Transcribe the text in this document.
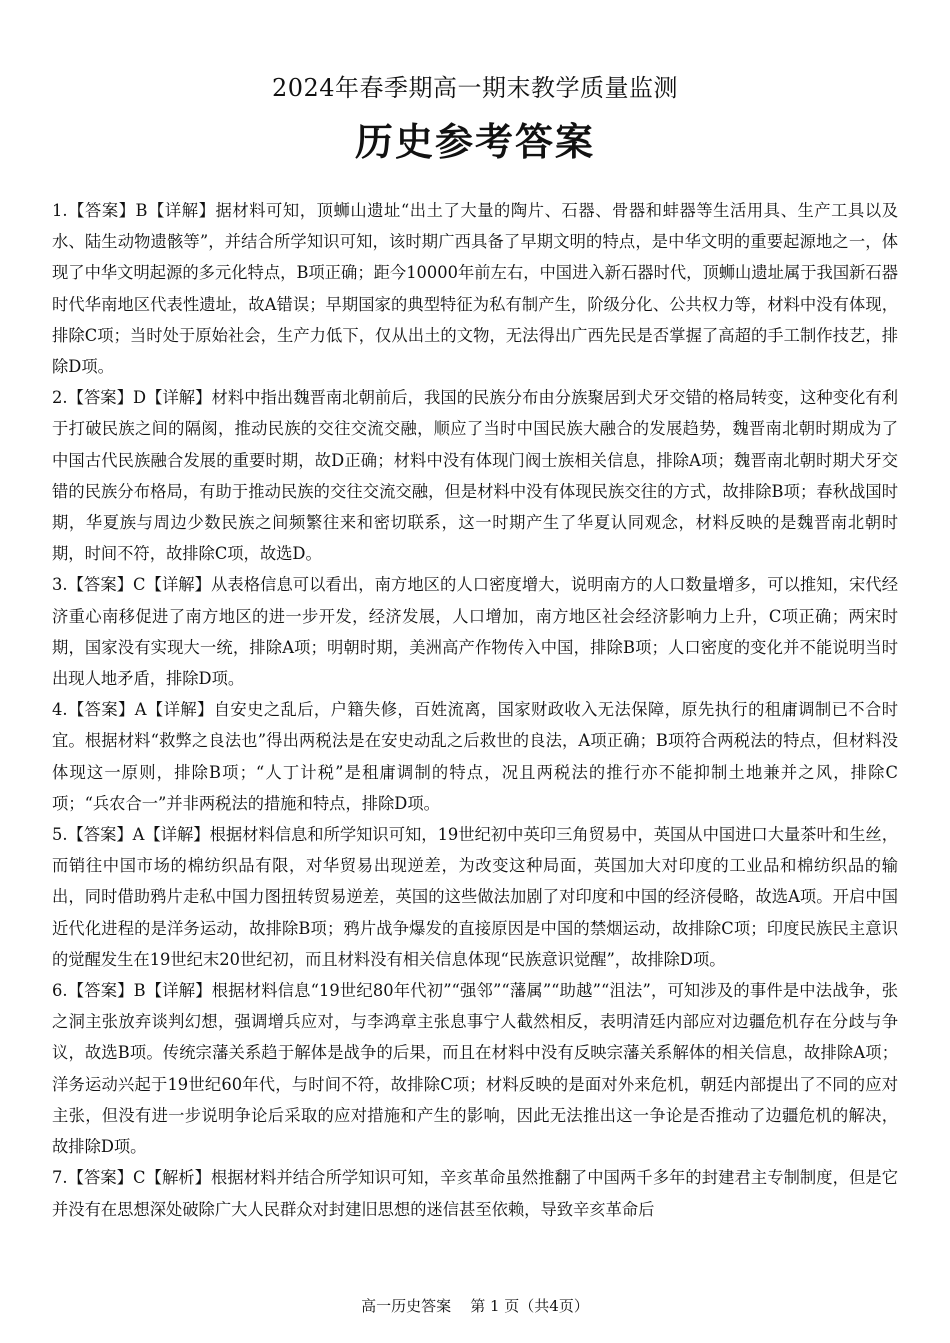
2024年春季期高一期末教学质量监测
历史参考答案

1.【答案】B【详解】据材料可知，顶蛳山遗址“出土了大量的陶片、石器、骨器和蚌器等生活用具、生产工具以及水、陆生动物遗骸等”，并结合所学知识可知，该时期广西具备了早期文明的特点，是中华文明的重要起源地之一，体现了中华文明起源的多元化特点，B项正确；距今10000年前左右，中国进入新石器时代，顶蛳山遗址属于我国新石器时代华南地区代表性遗址，故A错误；早期国家的典型特征为私有制产生，阶级分化、公共权力等，材料中没有体现，排除C项；当时处于原始社会，生产力低下，仅从出土的文物，无法得出广西先民是否掌握了高超的手工制作技艺，排除D项。

2.【答案】D【详解】材料中指出魏晋南北朝前后，我国的民族分布由分族聚居到犬牙交错的格局转变，这种变化有利于打破民族之间的隔阂，推动民族的交往交流交融，顺应了当时中国民族大融合的发展趋势，魏晋南北朝时期成为了中国古代民族融合发展的重要时期，故D正确；材料中没有体现门阀士族相关信息，排除A项；魏晋南北朝时期犬牙交错的民族分布格局，有助于推动民族的交往交流交融，但是材料中没有体现民族交往的方式，故排除B项；春秋战国时期，华夏族与周边少数民族之间频繁往来和密切联系，这一时期产生了华夏认同观念，材料反映的是魏晋南北朝时期，时间不符，故排除C项，故选D。

3.【答案】C【详解】从表格信息可以看出，南方地区的人口密度增大，说明南方的人口数量增多，可以推知，宋代经济重心南移促进了南方地区的进一步开发，经济发展，人口增加，南方地区社会经济影响力上升，C项正确；两宋时期，国家没有实现大一统，排除A项；明朝时期，美洲高产作物传入中国，排除B项；人口密度的变化并不能说明当时出现人地矛盾，排除D项。

4.【答案】A【详解】自安史之乱后，户籍失修，百姓流离，国家财政收入无法保障，原先执行的租庸调制已不合时宜。根据材料“救弊之良法也”得出两税法是在安史动乱之后救世的良法，A项正确；B项符合两税法的特点，但材料没体现这一原则，排除B项；“人丁计税”是租庸调制的特点，况且两税法的推行亦不能抑制土地兼并之风，排除C项；“兵农合一”并非两税法的措施和特点，排除D项。

5.【答案】A【详解】根据材料信息和所学知识可知，19世纪初中英印三角贸易中，英国从中国进口大量茶叶和生丝，而销往中国市场的棉纺织品有限，对华贸易出现逆差，为改变这种局面，英国加大对印度的工业品和棉纺织品的输出，同时借助鸦片走私中国力图扭转贸易逆差，英国的这些做法加剧了对印度和中国的经济侵略，故选A项。开启中国近代化进程的是洋务运动，故排除B项；鸦片战争爆发的直接原因是中国的禁烟运动，故排除C项；印度民族民主意识的觉醒发生在19世纪末20世纪初，而且材料没有相关信息体现“民族意识觉醒”，故排除D项。

6.【答案】B【详解】根据材料信息“19世纪80年代初”“强邻”“藩属”“助越”“沮法”，可知涉及的事件是中法战争，张之洞主张放弃谈判幻想，强调增兵应对，与李鸿章主张息事宁人截然相反，表明清廷内部应对边疆危机存在分歧与争议，故选B项。传统宗藩关系趋于解体是战争的后果，而且在材料中没有反映宗藩关系解体的相关信息，故排除A项；洋务运动兴起于19世纪60年代，与时间不符，故排除C项；材料反映的是面对外来危机，朝廷内部提出了不同的应对主张，但没有进一步说明争论后采取的应对措施和产生的影响，因此无法推出这一争论是否推动了边疆危机的解决，故排除D项。

7.【答案】C【解析】根据材料并结合所学知识可知，辛亥革命虽然推翻了中国两千多年的封建君主专制制度，但是它并没有在思想深处破除广大人民群众对封建旧思想的迷信甚至依赖，导致辛亥革命后

高一历史答案    第 1 页（共4页）
